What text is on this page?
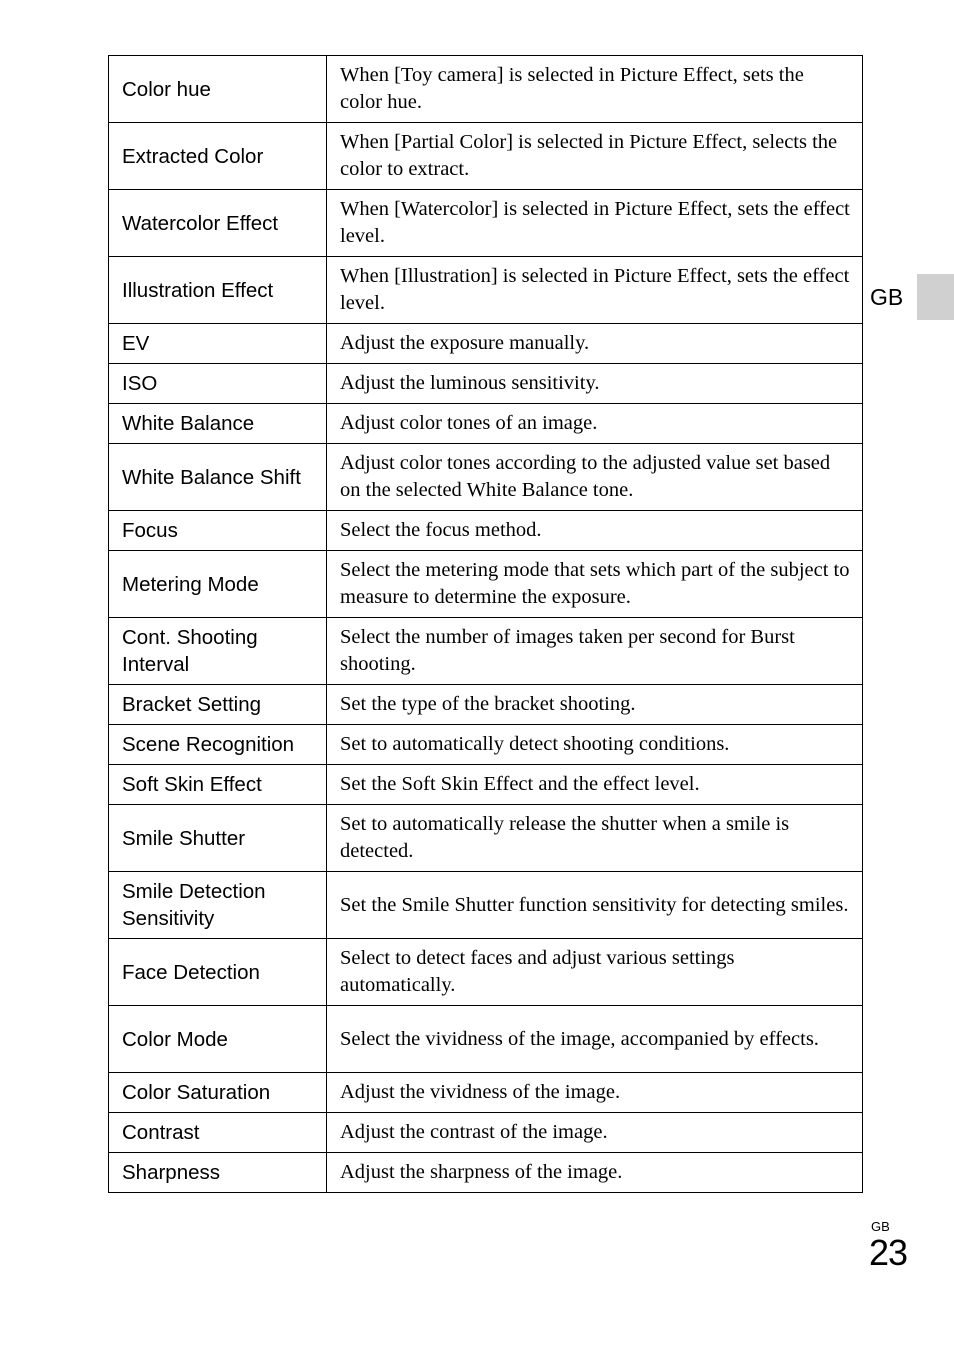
Color hue	When [Toy camera] is selected in Picture Effect, sets the color hue.
Extracted Color	When [Partial Color] is selected in Picture Effect, selects the color to extract.
Watercolor Effect	When [Watercolor] is selected in Picture Effect, sets the effect level.
Illustration Effect	When [Illustration] is selected in Picture Effect, sets the effect level.
EV	Adjust the exposure manually.
ISO	Adjust the luminous sensitivity.
White Balance	Adjust color tones of an image.
White Balance Shift	Adjust color tones according to the adjusted value set based on the selected White Balance tone.
Focus	Select the focus method.
Metering Mode	Select the metering mode that sets which part of the subject to measure to determine the exposure.
Cont. Shooting Interval	Select the number of images taken per second for Burst shooting.
Bracket Setting	Set the type of the bracket shooting.
Scene Recognition	Set to automatically detect shooting conditions.
Soft Skin Effect	Set the Soft Skin Effect and the effect level.
Smile Shutter	Set to automatically release the shutter when a smile is detected.
Smile Detection Sensitivity	Set the Smile Shutter function sensitivity for detecting smiles.
Face Detection	Select to detect faces and adjust various settings automatically.
Color Mode	Select the vividness of the image, accompanied by effects.
Color Saturation	Adjust the vividness of the image.
Contrast	Adjust the contrast of the image.
Sharpness	Adjust the sharpness of the image.
GB
GB
23
